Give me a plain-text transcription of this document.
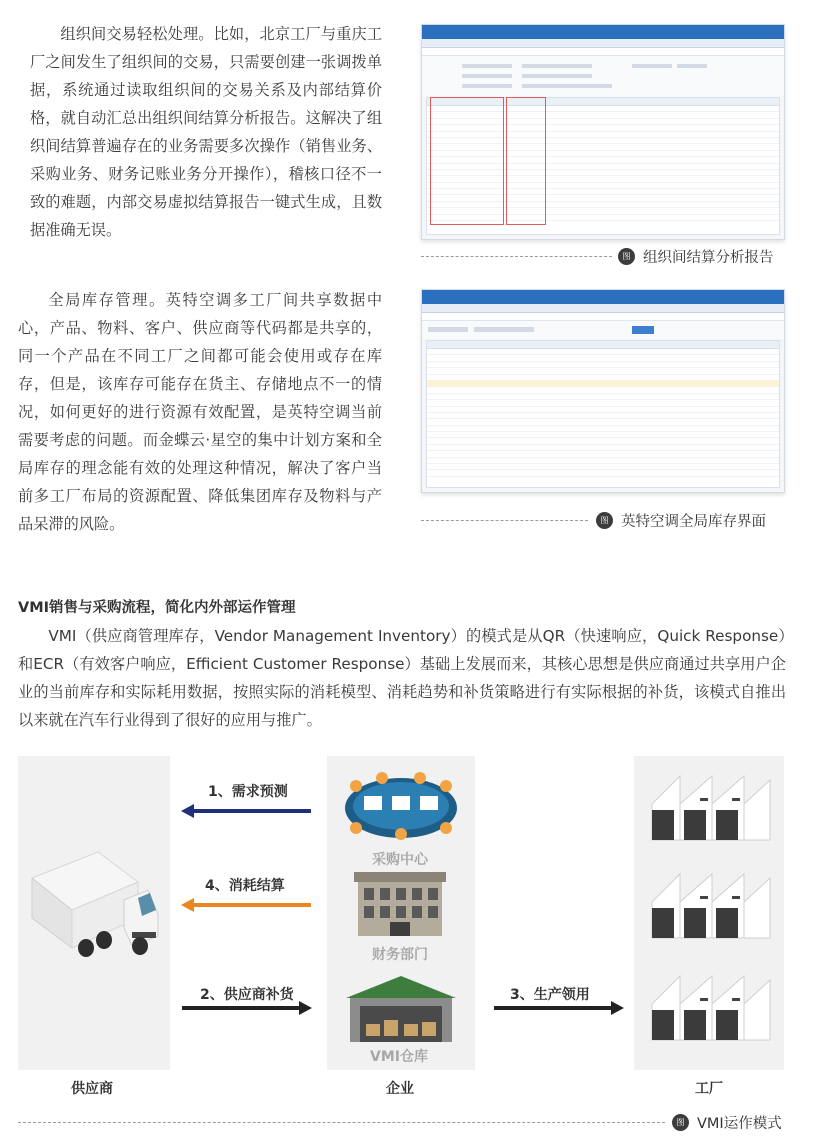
组织间交易轻松处理。比如，北京工厂与重庆工厂之间发生了组织间的交易，只需要创建一张调拨单据，系统通过读取组织间的交易关系及内部结算价格，就自动汇总出组织间结算分析报告。这解决了组织间结算普遍存在的业务需要多次操作（销售业务、采购业务、财务记账业务分开操作），稽核口径不一致的难题，内部交易虚拟结算报告一键式生成，且数据准确无误。
图 组织间结算分析报告
全局库存管理。英特空调多工厂间共享数据中心，产品、物料、客户、供应商等代码都是共享的，同一个产品在不同工厂之间都可能会使用或存在库存，但是，该库存可能存在货主、存储地点不一的情况，如何更好的进行资源有效配置，是英特空调当前需要考虑的问题。而金蝶云·星空的集中计划方案和全局库存的理念能有效的处理这种情况，解决了客户当前多工厂布局的资源配置、降低集团库存及物料与产品呆滞的风险。	图 英特空调全局库存界面
VMI销售与采购流程，简化内外部运作管理
VMI（供应商管理库存，Vendor Management Inventory）的模式是从QR（快速响应，Quick Response）和ECR（有效客户响应，Efficient Customer Response）基础上发展而来，其核心思想是供应商通过共享用户企业的当前库存和实际耗用数据，按照实际的消耗模型、消耗趋势和补货策略进行有实际根据的补货，该模式自推出以来就在汽车行业得到了很好的应用与推广。
1、需求预测
4、消耗结算
2、供应商补货	3、生产领用
采购中心
财务部门
VMI仓库
供应商	企业	工厂
图 VMI运作模式
